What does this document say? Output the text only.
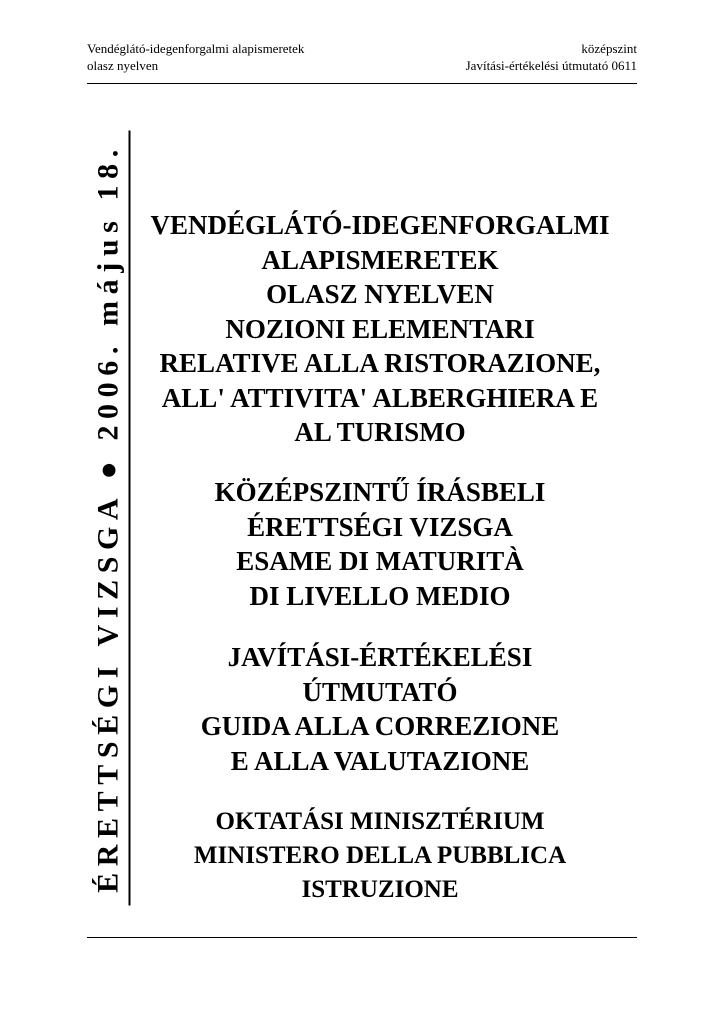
Vendéglátó-idegenforgalmi alapismeretek
olasz nyelven
középszint
Javítási-értékelési útmutató 0611
ÉRETTSÉGI VIZSGA ● 2006. május 18. VENDÉGLÁTÓ-IDEGENFORGALMI
ALAPISMERETEK
OLASZ NYELVEN
NOZIONI ELEMENTARI
RELATIVE ALLA RISTORAZIONE,
ALL' ATTIVITA' ALBERGHIERA E
AL TURISMO
KÖZÉPSZINTŰ ÍRÁSBELI
ÉRETTSÉGI VIZSGA
ESAME DI MATURITÀ
DI LIVELLO MEDIO
JAVÍTÁSI-ÉRTÉKELÉSI
ÚTMUTATÓ
GUIDA ALLA CORREZIONE
E ALLA VALUTAZIONE
OKTATÁSI MINISZTÉRIUM
MINISTERO DELLA PUBBLICA
ISTRUZIONE
